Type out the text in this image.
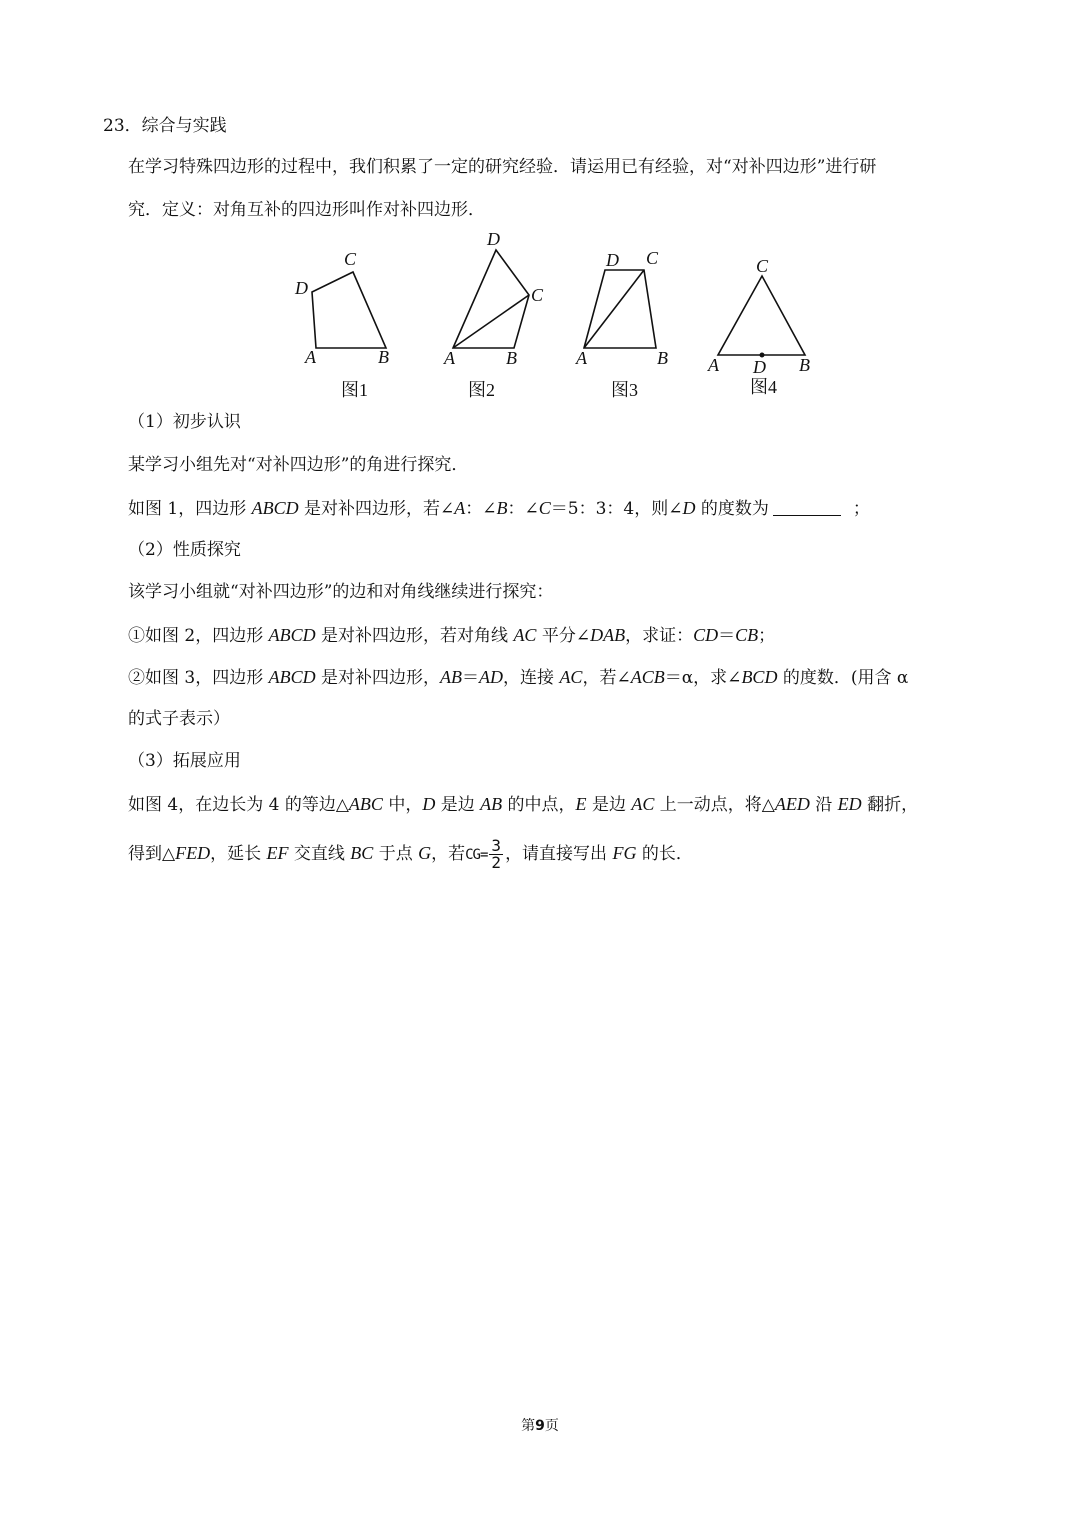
23．综合与实践
在学习特殊四边形的过程中，我们积累了一定的研究经验．请运用已有经验，对“对补四边形”进行研
究．定义：对角互补的四边形叫作对补四边形．
A	B
C
D
图1
A	B
C
D
图2
A	B
C
D
图3
A	B
C
D
图4
（1）初步认识
某学习小组先对“对补四边形”的角进行探究．
如图 1，四边形 ABCD 是对补四边形，若∠A：∠B：∠C＝5：3：4，则∠D 的度数为	；
（2）性质探究
该学习小组就“对补四边形”的边和对角线继续进行探究：
①如图 2，四边形 ABCD 是对补四边形，若对角线 AC 平分∠DAB，求证：CD＝CB；
②如图 3，四边形 ABCD 是对补四边形，AB＝AD，连接 AC，若∠ACB＝α，求∠BCD 的度数．(用含 α
的式子表示）
（3）拓展应用
如图 4，在边长为 4 的等边△ABC 中，D 是边 AB 的中点，E 是边 AC 上一动点，将△AED 沿 ED 翻折，
得到△FED，延长 EF 交直线 BC 于点 G，若$CG= \frac{3}{2}$ ，请直接写出 FG 的长．
第9页
